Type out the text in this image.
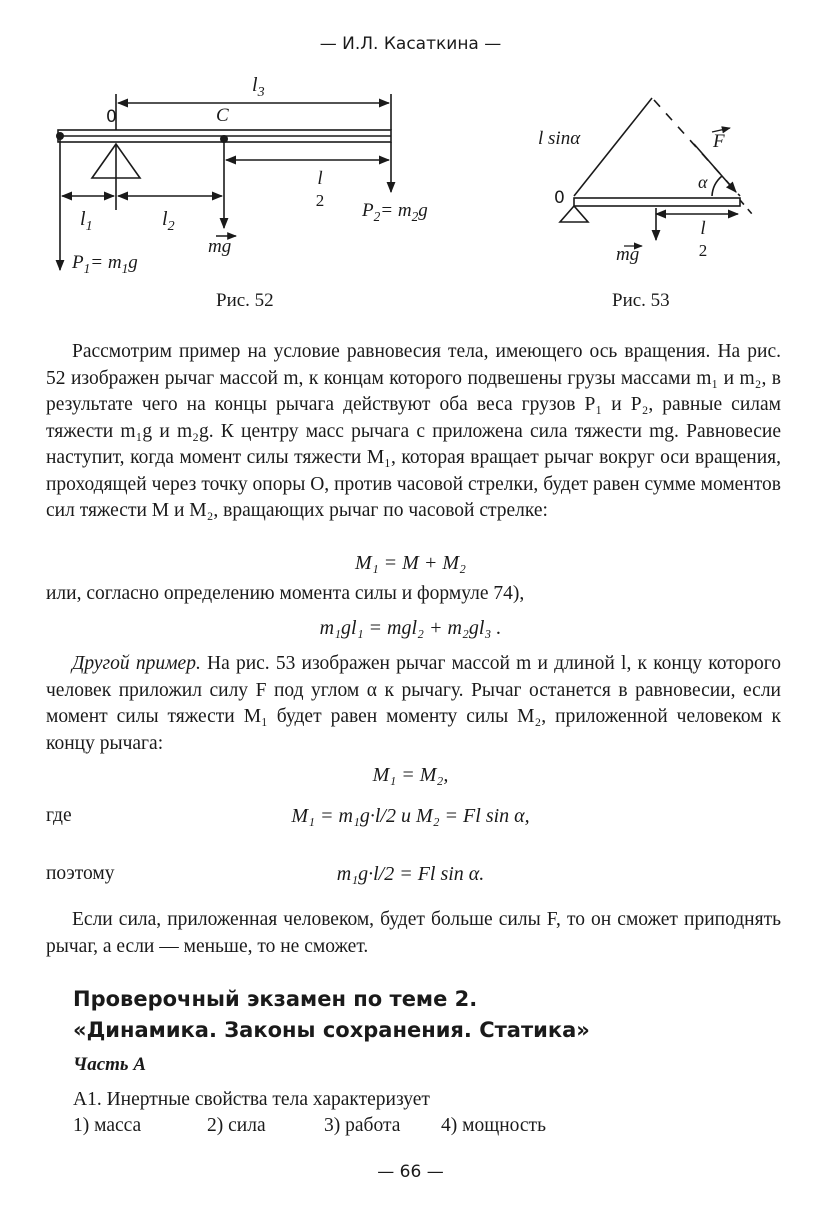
— И.Л. Касаткина —
0	C
$l_3$
$l_1$	$l_2$
l
2
mg
$P_2= m_2g$
$P_1= m_1g$
Рис. 52
l sinα	F
α
0
mg
l
2
Рис. 53
Рассмотрим пример на условие равновесия тела, имеющего ось вращения. На рис. 52 изображен рычаг массой m, к концам которого подвешены грузы массами m₁ и m₂, в результате чего на концы рычага действуют оба веса грузов P₁ и P₂, равные силам тяжести m₁g и m₂g. К центру масс рычага c приложена сила тяжести mg. Равновесие наступит, когда момент силы тяжести M₁, которая вращает рычаг вокруг оси вращения, проходящей через точку опоры O, против часовой стрелки, будет равен сумме моментов сил тяжести M и M₂, вращающих рычаг по часовой стрелке:
M₁ = M + M₂
или, согласно определению момента силы и формуле 74),
m₁gl₁ = mgl₂ + m₂gl₃ .
Другой пример. На рис. 53 изображен рычаг массой m и длиной l, к концу которого человек приложил силу F под углом α к рычагу. Рычаг останется в равновесии, если момент силы тяжести M₁ будет равен моменту силы M₂, приложенной человеком к концу рычага:
M₁ = M₂,
где	M₁ = m₁g·l/2 и M₂ = Fl sin α,
поэтому	m₁g·l/2 = Fl sin α.
Если сила, приложенная человеком, будет больше силы F, то он сможет приподнять рычаг, а если — меньше, то не сможет.
Проверочный экзамен по теме 2.
«Динамика. Законы сохранения. Статика»
Часть А
А1. Инертные свойства тела характеризует
1) масса	2) сила	3) работа 4) мощность
— 66 —
